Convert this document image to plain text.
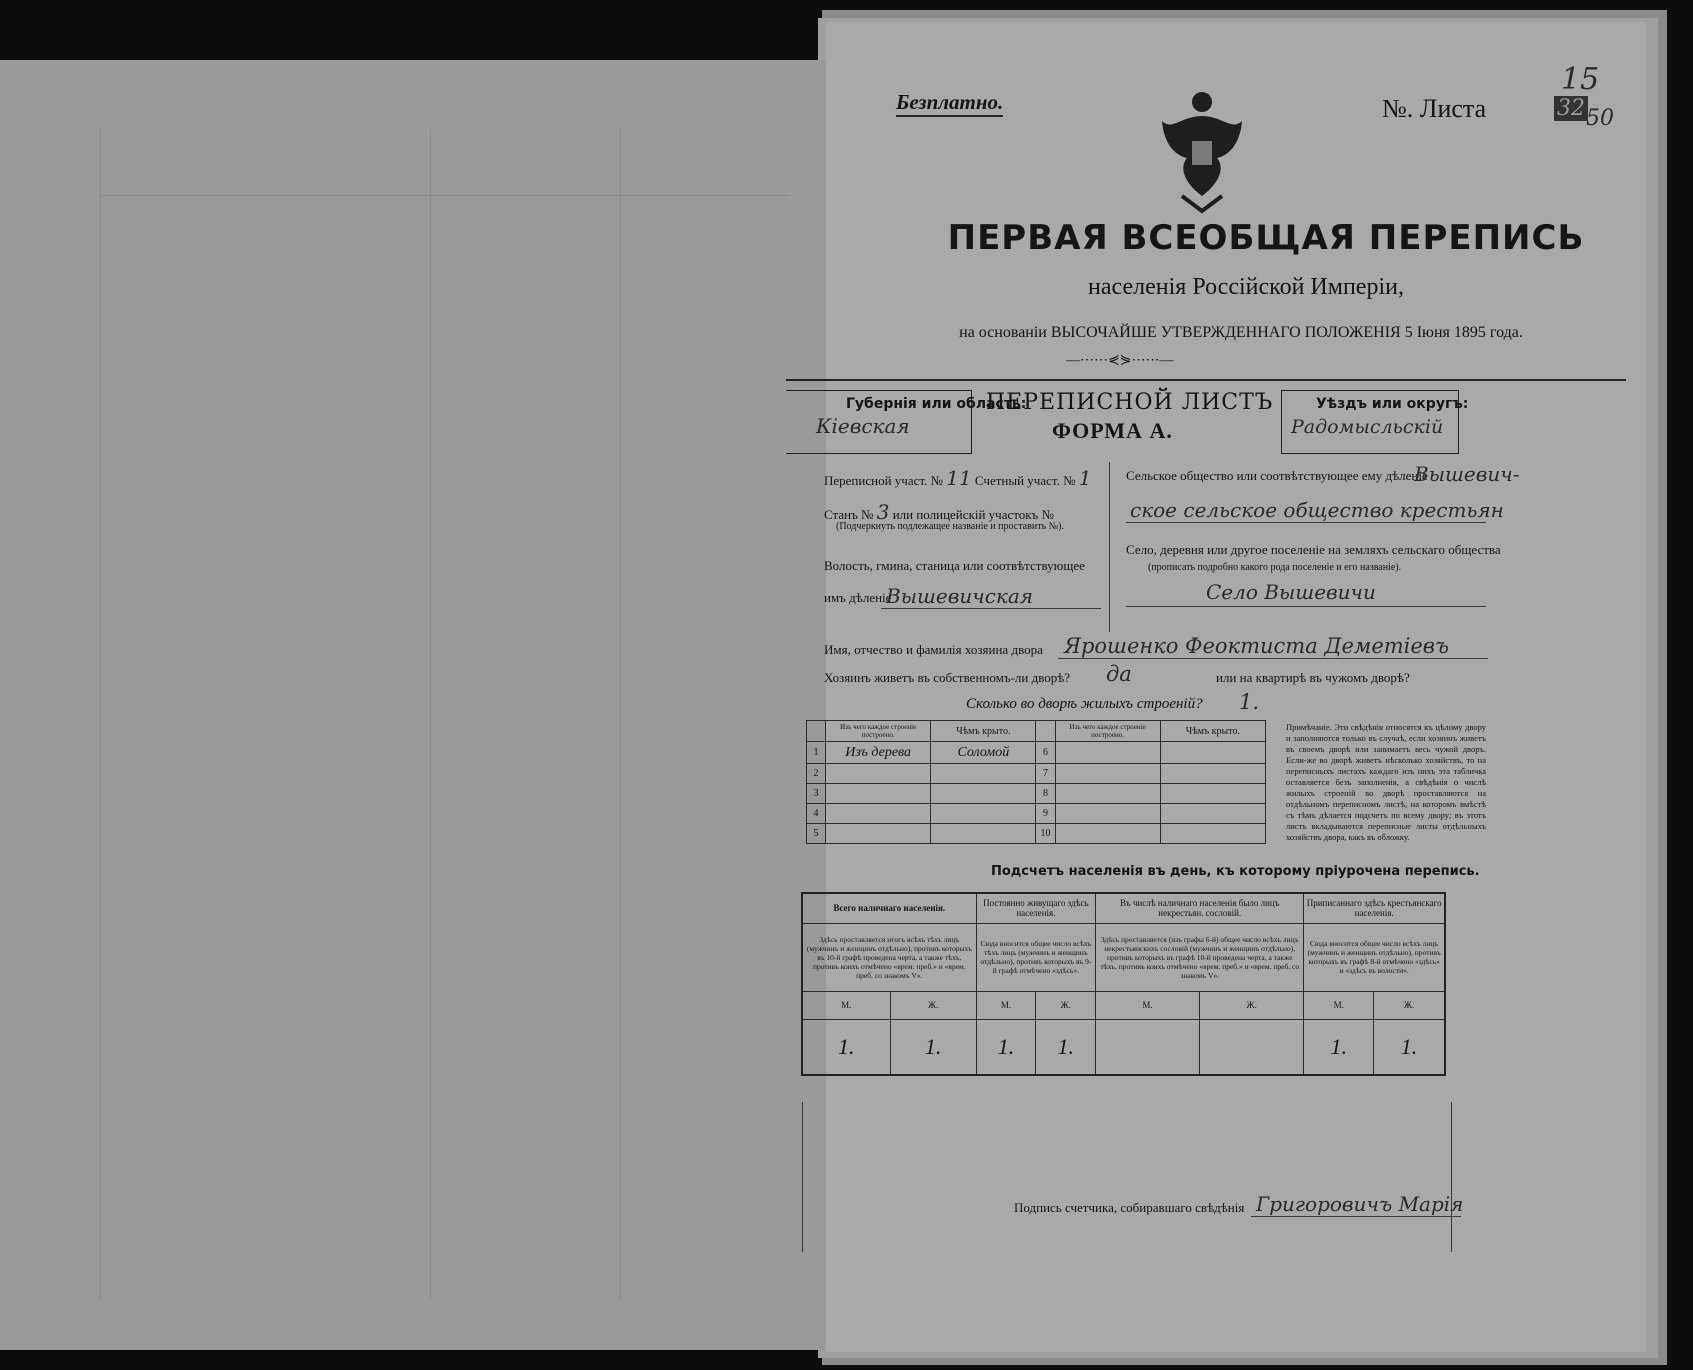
Безплатно.	№. Листа	32
15
50
ПЕРВАЯ ВСЕОБЩАЯ ПЕРЕПИСЬ
населенія Россійской Имперіи,
на основаніи ВЫСОЧАЙШЕ УТВЕРЖДЕННАГО ПОЛОЖЕНІЯ 5 Іюня 1895 года.
—⋯⋯⋞⋟⋯⋯—
Губернія или область:
Кіевская
ПЕРЕПИСНОЙ ЛИСТЪ
ФОРМА А.
Уѣздъ или округъ:
Радомысльскій
Переписной участ. № 11 Счетный участ. № 1
Станъ № 3 или полицейскій участокъ №
(Подчеркнуть подлежащее названіе и проставить №).
Волость, гмина, станица или соотвѣтствующее
имъ дѣленіе
Вышевичская
Сельское общество или соотвѣтствующее ему дѣленіе
Вышевич-
ское сельское общество крестьян
Село, деревня или другое поселеніе на земляхъ сельскаго общества
(прописать подробно какого рода поселеніе и его названіе).
Село Вышевичи
Имя, отчество и фамилія хозяина двора Ярошенко Феоктиста Деметіевъ
Хозяинъ живетъ въ собственномъ-ли дворѣ? да	или на квартирѣ въ чужомъ дворѣ?
Сколько во дворѣ жилыхъ строеній? 1.
	Изъ чего каждое строеніе построено.	Чѣмъ крыто.		Изъ чего каждое строеніе построено.	Чѣмъ крыто.
1	Изъ дерева	Соломой	6		
2			7		
3			8		
4			9		
5			10		
Примѣчаніе. Эти свѣдѣнія относятся къ цѣлому двору и заполняются только въ случаѣ, если хозяинъ живетъ въ своемъ дворѣ или занимаетъ весь чужой дворъ. Если-же во дворѣ живетъ нѣсколько хозяйствъ, то на переписныхъ листахъ каждаго изъ нихъ эта табличка оставляется безъ заполненія, а свѣдѣнія о числѣ жилыхъ строеній во дворѣ проставляются на отдѣльномъ переписномъ листѣ, на которомъ вмѣстѣ съ тѣмъ дѣлается подсчетъ по всему двору; въ этотъ листъ вкладываются переписные листы отдѣльныхъ хозяйствъ двора, какъ въ обложку.
Подсчетъ населенія въ день, къ которому пріурочена перепись.
Всего наличнаго населенія.		Постоянно живущаго здѣсь населенія.		Въ числѣ наличнаго населенія было лицъ некрестьян. сословій.		Приписаннаго здѣсь крестьянскаго населенія.	
Здѣсь проставляется итогъ всѣхъ тѣхъ лицъ (мужчинъ и женщинъ отдѣльно), противъ которыхъ въ 10-й графѣ проведена черта, а также тѣхъ, противъ коихъ отмѣчено «врем. преб.» и «врем. преб. со знакомъ V».		Сюда вносится общее число всѣхъ тѣхъ лицъ (мужчинъ и женщинъ отдѣльно), противъ которыхъ въ 9-й графѣ отмѣчено «здѣсь».		Здѣсь проставляется (изъ графы 6-й) общее число всѣхъ лицъ некрестьянскихъ сословій (мужчинъ и женщинъ отдѣльно), противъ которыхъ въ графѣ 10-й проведена черта, а также тѣхъ, противъ коихъ отмѣчено «врем. преб.» и «врем. преб. со знакомъ V».		Сюда вносится общее число всѣхъ лицъ (мужчинъ и женщинъ отдѣльно), противъ которыхъ въ графѣ 8-й отмѣчено «здѣсь» и «здѣсь въ волости».	
М.	Ж.	М.	Ж.	М.	Ж.	М.	Ж.
1.	1.	1.	1.			1.	1.
Подпись счетчика, собиравшаго свѣдѣнія Григоровичъ Марія
